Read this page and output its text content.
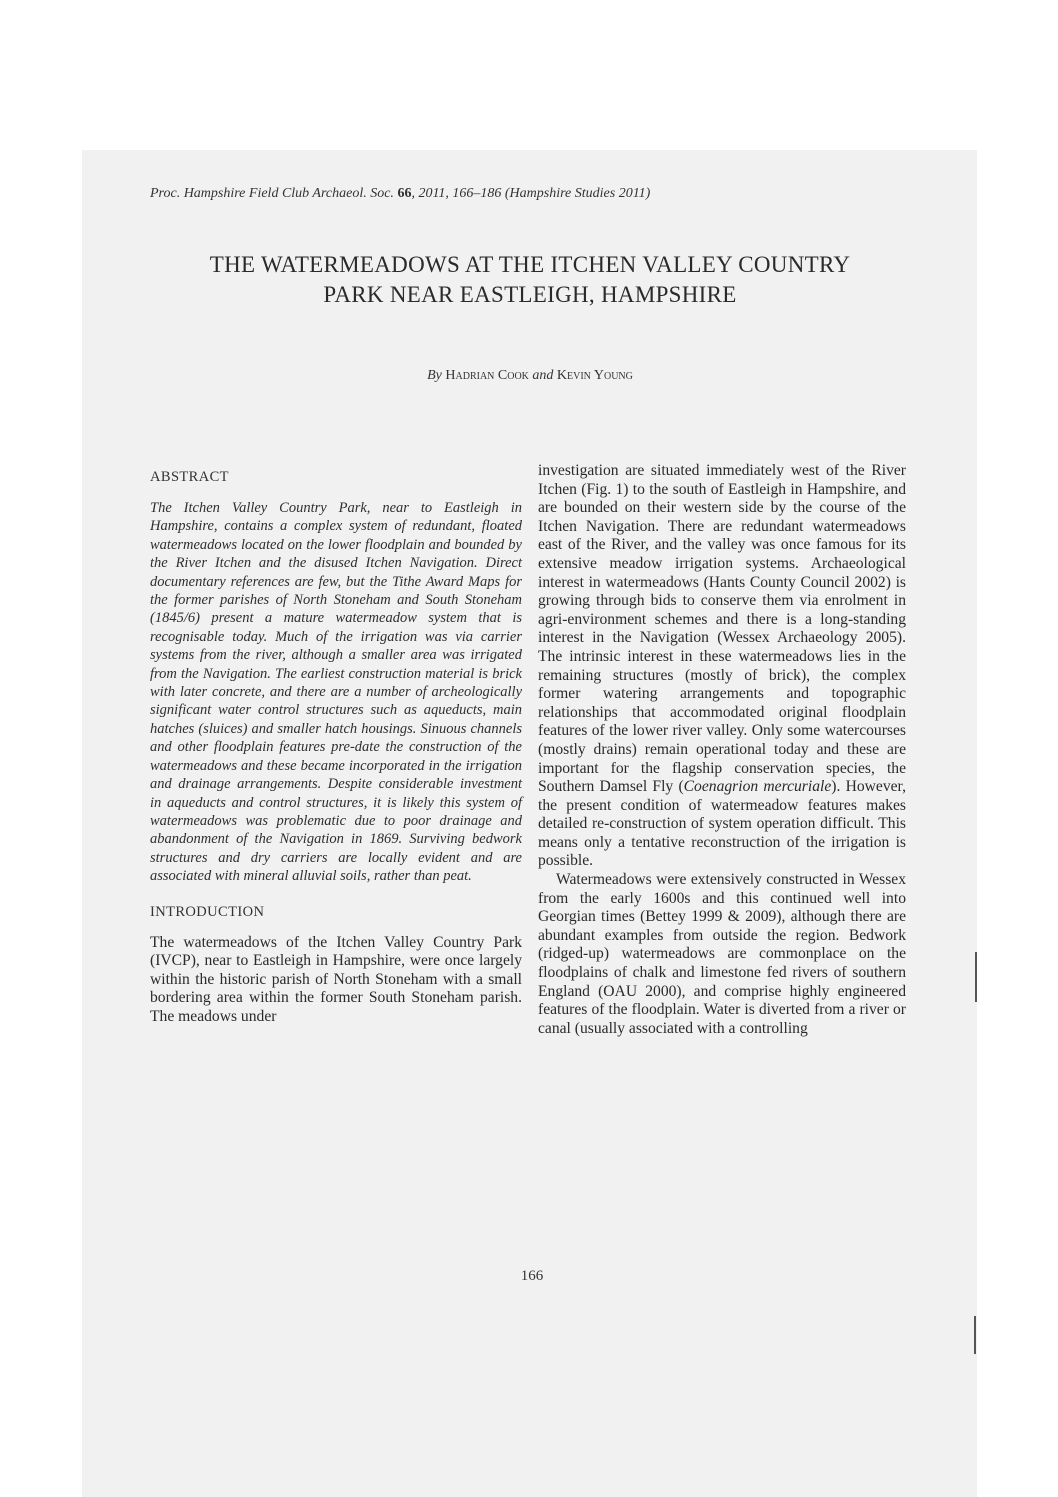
Proc. Hampshire Field Club Archaeol. Soc. 66, 2011, 166–186 (Hampshire Studies 2011)
THE WATERMEADOWS AT THE ITCHEN VALLEY COUNTRY
PARK NEAR EASTLEIGH, HAMPSHIRE
By Hadrian Cook and Kevin Young
ABSTRACT

The Itchen Valley Country Park, near to Eastleigh in Hampshire, contains a complex system of redundant, floated watermeadows located on the lower floodplain and bounded by the River Itchen and the disused Itchen Navigation. Direct documentary references are few, but the Tithe Award Maps for the former parishes of North Stoneham and South Stoneham (1845/6) present a mature watermeadow system that is recognisable today. Much of the irrigation was via carrier systems from the river, although a smaller area was irrigated from the Navigation. The earliest construction material is brick with later concrete, and there are a number of archeologically significant water control structures such as aqueducts, main hatches (sluices) and smaller hatch housings. Sinuous channels and other floodplain features pre-date the construction of the watermeadows and these became incorporated in the irrigation and drainage arrangements. Despite considerable investment in aqueducts and control structures, it is likely this system of watermeadows was problematic due to poor drainage and abandonment of the Navigation in 1869. Surviving bedwork structures and dry carriers are locally evident and are associated with mineral alluvial soils, rather than peat.

INTRODUCTION

The watermeadows of the Itchen Valley Country Park (IVCP), near to Eastleigh in Hampshire, were once largely within the historic parish of North Stoneham with a small bordering area within the former South Stoneham parish. The meadows under

investigation are situated immediately west of the River Itchen (Fig. 1) to the south of Eastleigh in Hampshire, and are bounded on their western side by the course of the Itchen Navigation. There are redundant watermeadows east of the River, and the valley was once famous for its extensive meadow irrigation systems. Archaeological interest in watermeadows (Hants County Council 2002) is growing through bids to conserve them via enrolment in agri-environment schemes and there is a long-standing interest in the Navigation (Wessex Archaeology 2005). The intrinsic interest in these watermeadows lies in the remaining structures (mostly of brick), the complex former watering arrangements and topographic relationships that accommodated original floodplain features of the lower river valley. Only some watercourses (mostly drains) remain operational today and these are important for the flagship conservation species, the Southern Damsel Fly (Coenagrion mercuriale). However, the present condition of watermeadow features makes detailed re-construction of system operation difficult. This means only a tentative reconstruction of the irrigation is possible.

Watermeadows were extensively constructed in Wessex from the early 1600s and this continued well into Georgian times (Bettey 1999 & 2009), although there are abundant examples from outside the region. Bedwork (ridged-up) watermeadows are commonplace on the floodplains of chalk and limestone fed rivers of southern England (OAU 2000), and comprise highly engineered features of the floodplain. Water is diverted from a river or canal (usually associated with a controlling

166
